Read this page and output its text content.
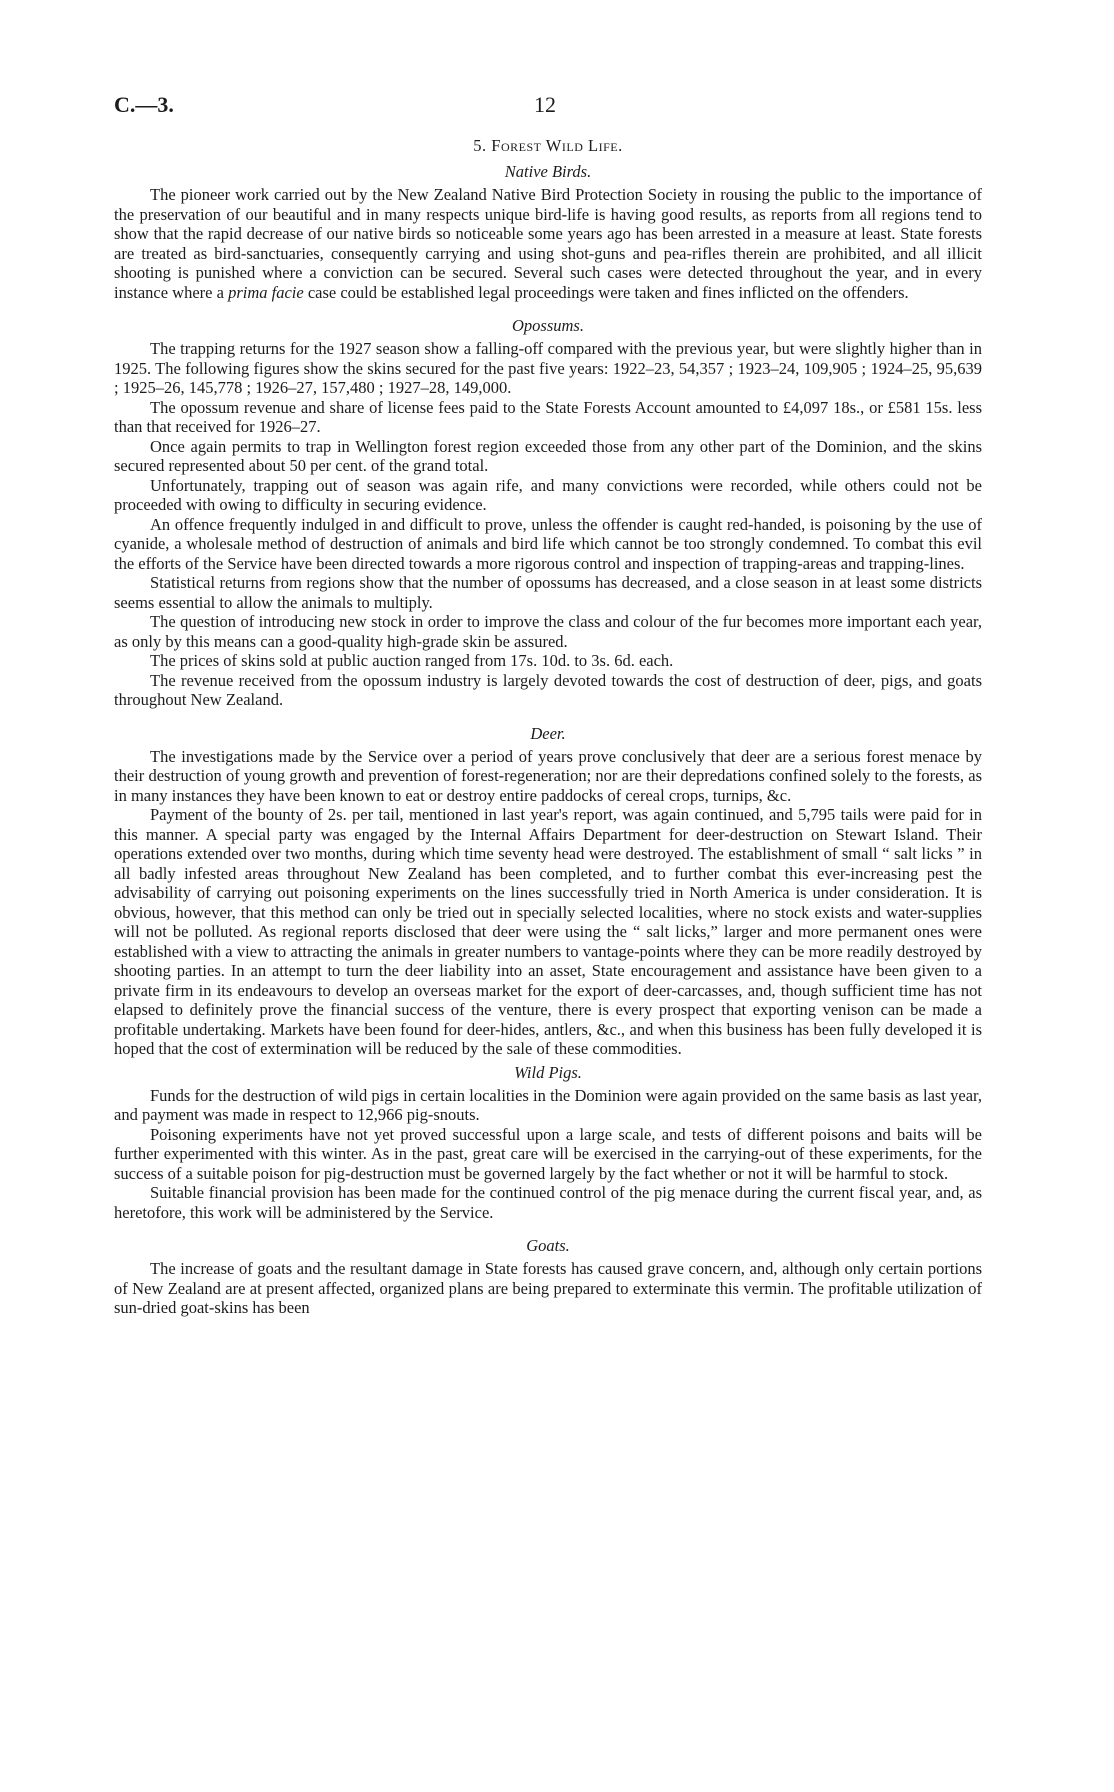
C.—3.	12
5. Forest Wild Life.
Native Birds.

The pioneer work carried out by the New Zealand Native Bird Protection Society in rousing the public to the importance of the preservation of our beautiful and in many respects unique bird-life is having good results, as reports from all regions tend to show that the rapid decrease of our native birds so noticeable some years ago has been arrested in a measure at least. State forests are treated as bird-sanctuaries, consequently carrying and using shot-guns and pea-rifles therein are prohibited, and all illicit shooting is punished where a conviction can be secured. Several such cases were detected throughout the year, and in every instance where a prima facie case could be established legal proceedings were taken and fines inflicted on the offenders.

Opossums.

The trapping returns for the 1927 season show a falling-off compared with the previous year, but were slightly higher than in 1925. The following figures show the skins secured for the past five years: 1922–23, 54,357 ; 1923–24, 109,905 ; 1924–25, 95,639 ; 1925–26, 145,778 ; 1926–27, 157,480 ; 1927–28, 149,000.

The opossum revenue and share of license fees paid to the State Forests Account amounted to £4,097 18s., or £581 15s. less than that received for 1926–27.

Once again permits to trap in Wellington forest region exceeded those from any other part of the Dominion, and the skins secured represented about 50 per cent. of the grand total.

Unfortunately, trapping out of season was again rife, and many convictions were recorded, while others could not be proceeded with owing to difficulty in securing evidence.

An offence frequently indulged in and difficult to prove, unless the offender is caught red-handed, is poisoning by the use of cyanide, a wholesale method of destruction of animals and bird life which cannot be too strongly condemned. To combat this evil the efforts of the Service have been directed towards a more rigorous control and inspection of trapping-areas and trapping-lines.

Statistical returns from regions show that the number of opossums has decreased, and a close season in at least some districts seems essential to allow the animals to multiply.

The question of introducing new stock in order to improve the class and colour of the fur becomes more important each year, as only by this means can a good-quality high-grade skin be assured.

The prices of skins sold at public auction ranged from 17s. 10d. to 3s. 6d. each.

The revenue received from the opossum industry is largely devoted towards the cost of destruction of deer, pigs, and goats throughout New Zealand.

Deer.

The investigations made by the Service over a period of years prove conclusively that deer are a serious forest menace by their destruction of young growth and prevention of forest-regeneration; nor are their depredations confined solely to the forests, as in many instances they have been known to eat or destroy entire paddocks of cereal crops, turnips, &c.

Payment of the bounty of 2s. per tail, mentioned in last year's report, was again continued, and 5,795 tails were paid for in this manner. A special party was engaged by the Internal Affairs Department for deer-destruction on Stewart Island. Their operations extended over two months, during which time seventy head were destroyed. The establishment of small “ salt licks ” in all badly infested areas throughout New Zealand has been completed, and to further combat this ever-increasing pest the advisability of carrying out poisoning experiments on the lines successfully tried in North America is under consideration. It is obvious, however, that this method can only be tried out in specially selected localities, where no stock exists and water-supplies will not be polluted. As regional reports disclosed that deer were using the “ salt licks,” larger and more permanent ones were established with a view to attracting the animals in greater numbers to vantage-points where they can be more readily destroyed by shooting parties. In an attempt to turn the deer liability into an asset, State encouragement and assistance have been given to a private firm in its endeavours to develop an overseas market for the export of deer-carcasses, and, though sufficient time has not elapsed to definitely prove the financial success of the venture, there is every prospect that exporting venison can be made a profitable undertaking. Markets have been found for deer-hides, antlers, &c., and when this business has been fully developed it is hoped that the cost of extermination will be reduced by the sale of these commodities.

Wild Pigs.

Funds for the destruction of wild pigs in certain localities in the Dominion were again provided on the same basis as last year, and payment was made in respect to 12,966 pig-snouts.

Poisoning experiments have not yet proved successful upon a large scale, and tests of different poisons and baits will be further experimented with this winter. As in the past, great care will be exercised in the carrying-out of these experiments, for the success of a suitable poison for pig-destruction must be governed largely by the fact whether or not it will be harmful to stock.

Suitable financial provision has been made for the continued control of the pig menace during the current fiscal year, and, as heretofore, this work will be administered by the Service.

Goats.

The increase of goats and the resultant damage in State forests has caused grave concern, and, although only certain portions of New Zealand are at present affected, organized plans are being prepared to exterminate this vermin. The profitable utilization of sun-dried goat-skins has been
